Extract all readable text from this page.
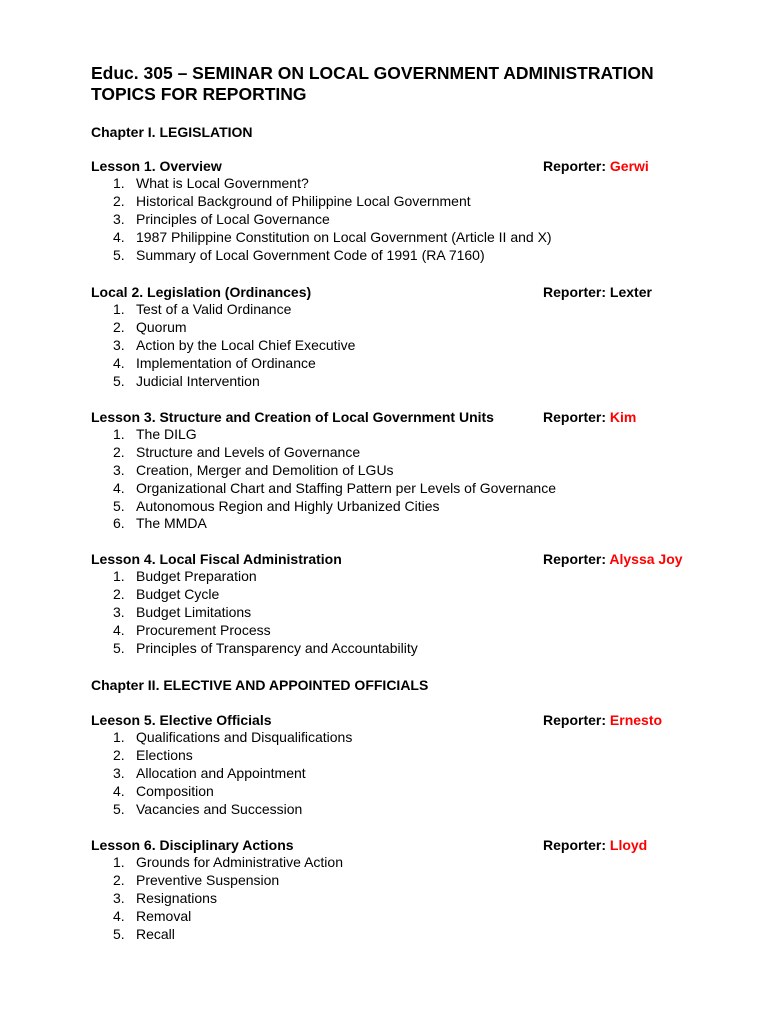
Educ. 305 – SEMINAR ON LOCAL GOVERNMENT ADMINISTRATION
TOPICS FOR REPORTING

Chapter I. LEGISLATION

Lesson 1. Overview	Reporter: Gerwi
1. What is Local Government?
2. Historical Background of Philippine Local Government
3. Principles of Local Governance
4. 1987 Philippine Constitution on Local Government (Article II and X)
5. Summary of Local Government Code of 1991 (RA 7160)
Local 2. Legislation (Ordinances)	Reporter: Lexter
1. Test of a Valid Ordinance
2. Quorum
3. Action by the Local Chief Executive
4. Implementation of Ordinance
5. Judicial Intervention
Lesson 3. Structure and Creation of Local Government Units	Reporter: Kim
1. The DILG
2. Structure and Levels of Governance
3. Creation, Merger and Demolition of LGUs
4. Organizational Chart and Staffing Pattern per Levels of Governance
5. Autonomous Region and Highly Urbanized Cities
6. The MMDA
Lesson 4. Local Fiscal Administration	Reporter: Alyssa Joy
1. Budget Preparation
2. Budget Cycle
3. Budget Limitations
4. Procurement Process
5. Principles of Transparency and Accountability

Chapter II. ELECTIVE AND APPOINTED OFFICIALS

Leeson 5. Elective Officials	Reporter: Ernesto
1. Qualifications and Disqualifications
2. Elections
3. Allocation and Appointment
4. Composition
5. Vacancies and Succession
Lesson 6. Disciplinary Actions	Reporter: Lloyd
1. Grounds for Administrative Action
2. Preventive Suspension
3. Resignations
4. Removal
5. Recall
